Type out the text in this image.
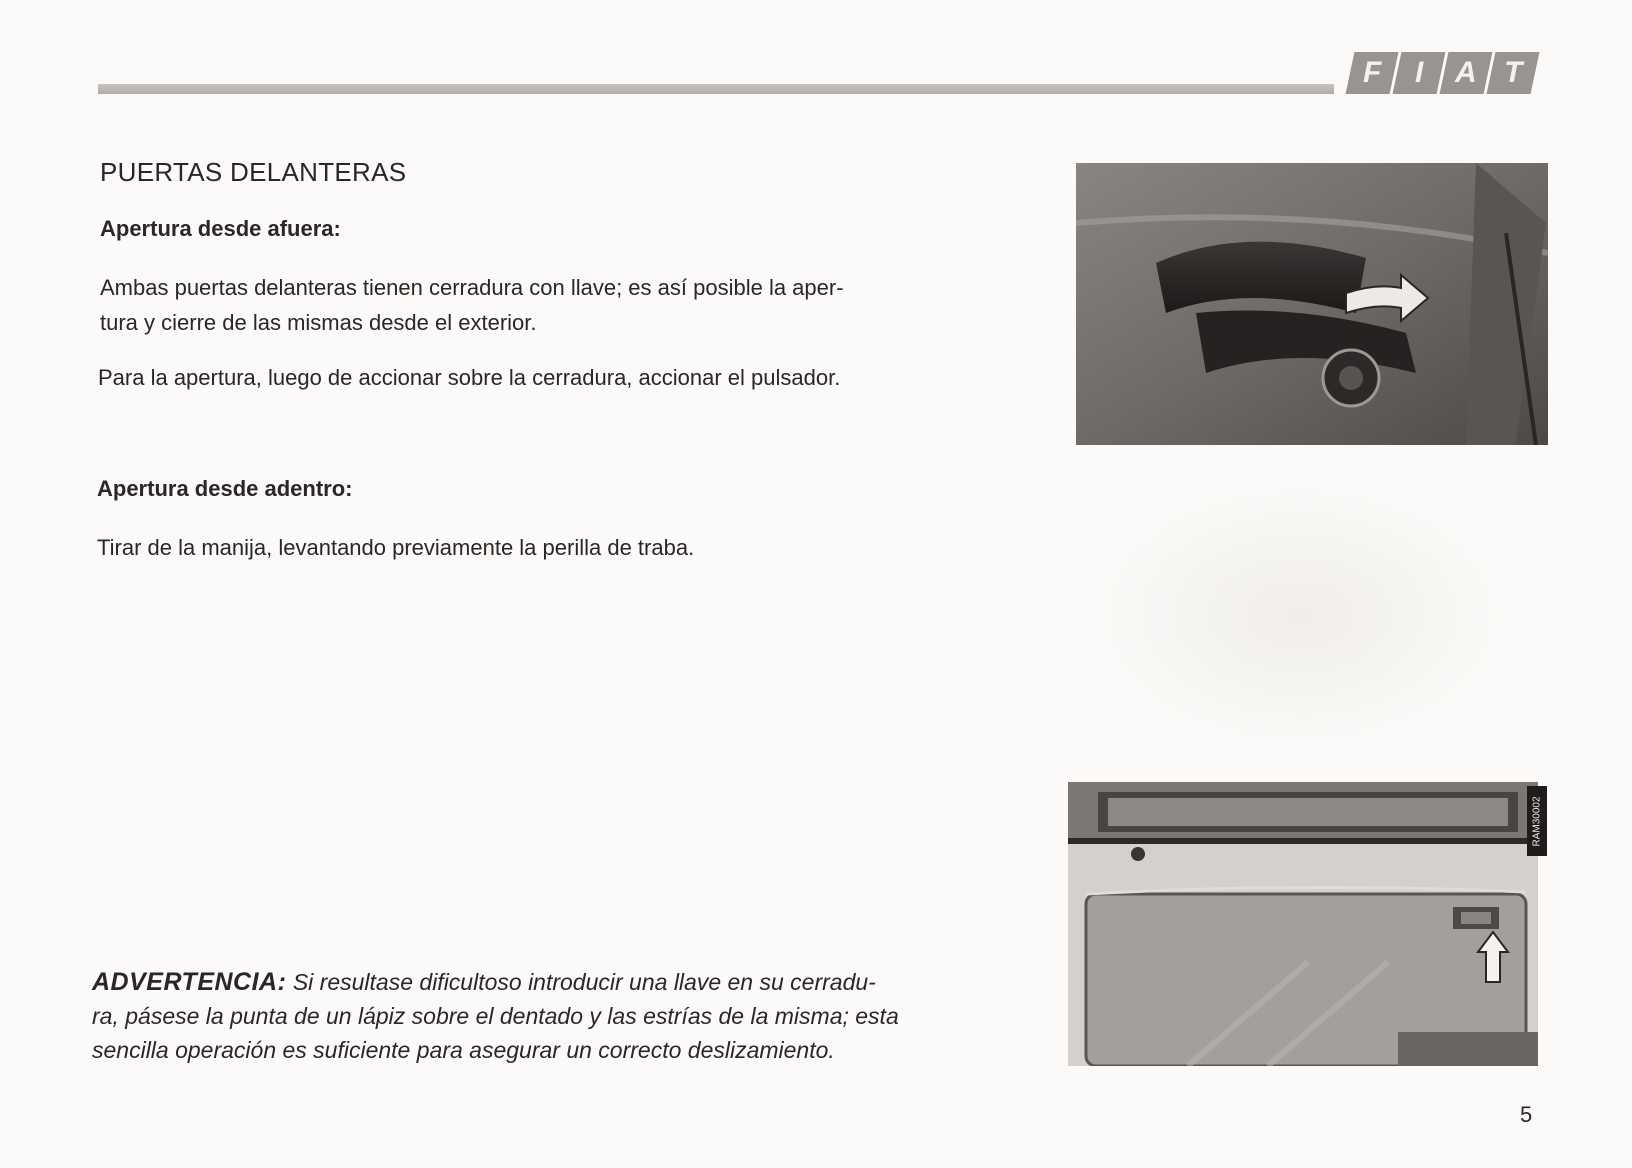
F I A T
PUERTAS DELANTERAS
Apertura desde afuera:

Ambas puertas delanteras tienen cerradura con llave; es así posible la aper-
tura y cierre de las mismas desde el exterior.

Para la apertura, luego de accionar sobre la cerradura, accionar el pulsador.

Apertura desde adentro:

Tirar de la manija, levantando previamente la perilla de traba.

ADVERTENCIA: Si resultase dificultoso introducir una llave en su cerradu-
ra, pásese la punta de un lápiz sobre el dentado y las estrías de la misma; esta
sencilla operación es suficiente para asegurar un correcto deslizamiento.

RAM30002
5
